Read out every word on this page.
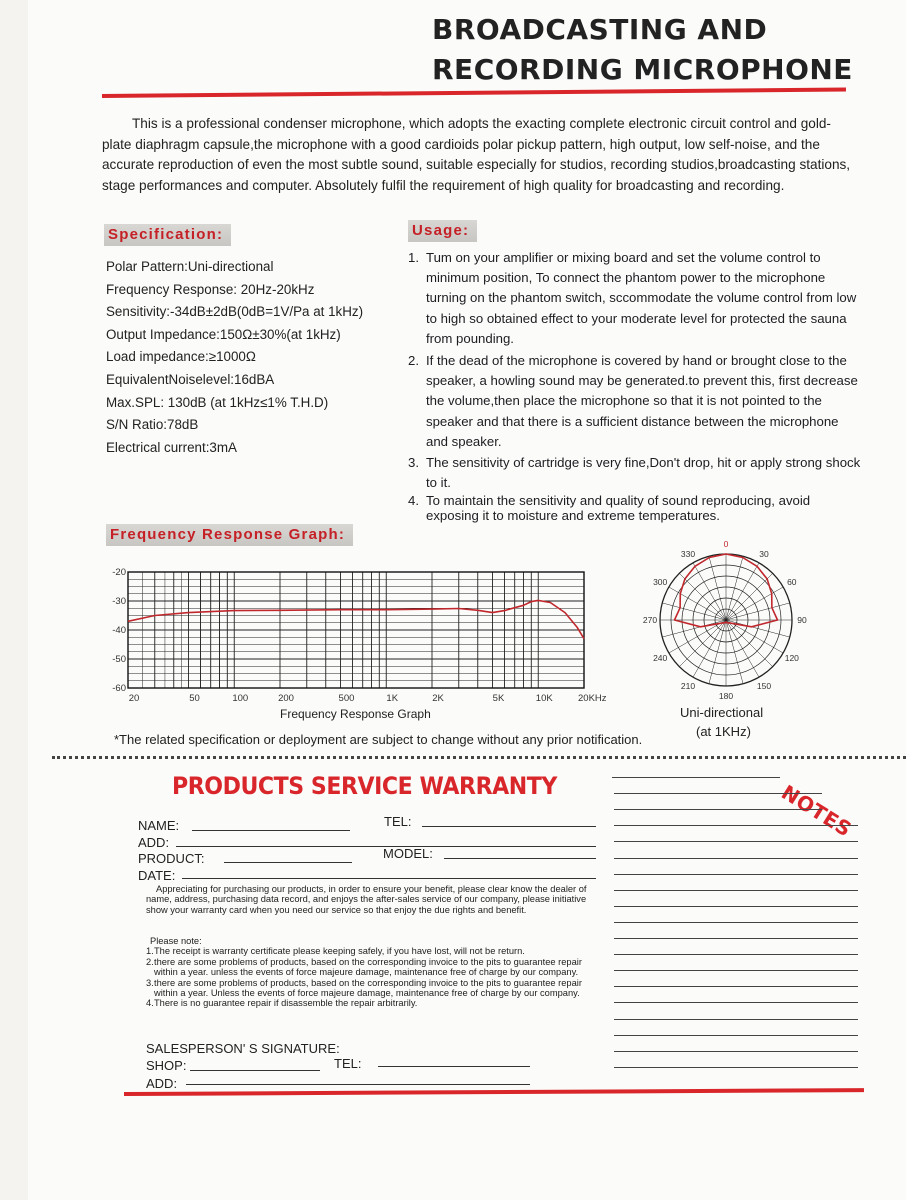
BROADCASTING AND
RECORDING MICROPHONE
This is a professional condenser microphone, which adopts the exacting complete electronic circuit control and gold-plate diaphragm capsule,the microphone with a good cardioids polar pickup pattern, high output, low self-noise, and the accurate reproduction of even the most subtle sound, suitable especially for studios, recording studios,broadcasting stations, stage performances and computer. Absolutely fulfil the requirement of high quality for broadcasting and recording.
Specification:
Polar Pattern:Uni-directional
Frequency Response: 20Hz-20kHz
Sensitivity:-34dB±2dB(0dB=1V/Pa at 1kHz)
Output Impedance:150Ω±30%(at 1kHz)
Load impedance:≥1000Ω
EquivalentNoiselevel:16dBA
Max.SPL: 130dB (at 1kHz≤1% T.H.D)
S/N Ratio:78dB
Electrical current:3mA
Usage:
1. Tum on your amplifier or mixing board and set the volume control to minimum position, To connect the phantom power to the microphone turning on the phantom switch, sccommodate the volume control from low to high so obtained effect to your moderate level for protected the sauna from pounding.
2. If the dead of the microphone is covered by hand or brought close to the speaker, a howling sound may be generated.to prevent this, first decrease the volume,then place the microphone so that it is not pointed to the speaker and that there is a sufficient distance between the microphone and speaker.
3. The sensitivity of cartridge is very fine,Don't drop, hit or apply strong shock to it.
4. To maintain the sensitivity and quality of sound reproducing, avoid exposing it to moisture and extreme temperatures.
Frequency Response Graph:
-20
-30
-40
-50
-60
20	50	100	200	500	1K	2K	5K	10K	20KHz
Frequency Response Graph
0
30
60
90
120
150
180
210
240
270
300
330
Uni-directional
(at 1KHz)
*The related specification or deployment are subject to change without any prior notification.
PRODUCTS SERVICE WARRANTY
NAME:	TEL:
ADD:
PRODUCT:	MODEL:
DATE:
Appreciating for purchasing our products, in order to ensure your benefit, please clear know the dealer of name, address, purchasing data record, and enjoys the after-sales service of our company, please initiative show your warranty card when you need our service so that enjoy the due rights and benefit.
Please note:
1. The receipt is warranty certificate please keeping safely, if you have lost, will not be return.
2. there are some problems of products, based on the corresponding invoice to the pits to guarantee repair within a year. unless the events of force majeure damage, maintenance free of charge by our company.
3. there are some problems of products, based on the corresponding invoice to the pits to guarantee repair within a year. Unless the events of force majeure damage, maintenance free of charge by our company.
4. There is no guarantee repair if disassemble the repair arbitrarily.
SALESPERSON' S SIGNATURE:
SHOP:	TEL:
ADD:
NOTES
